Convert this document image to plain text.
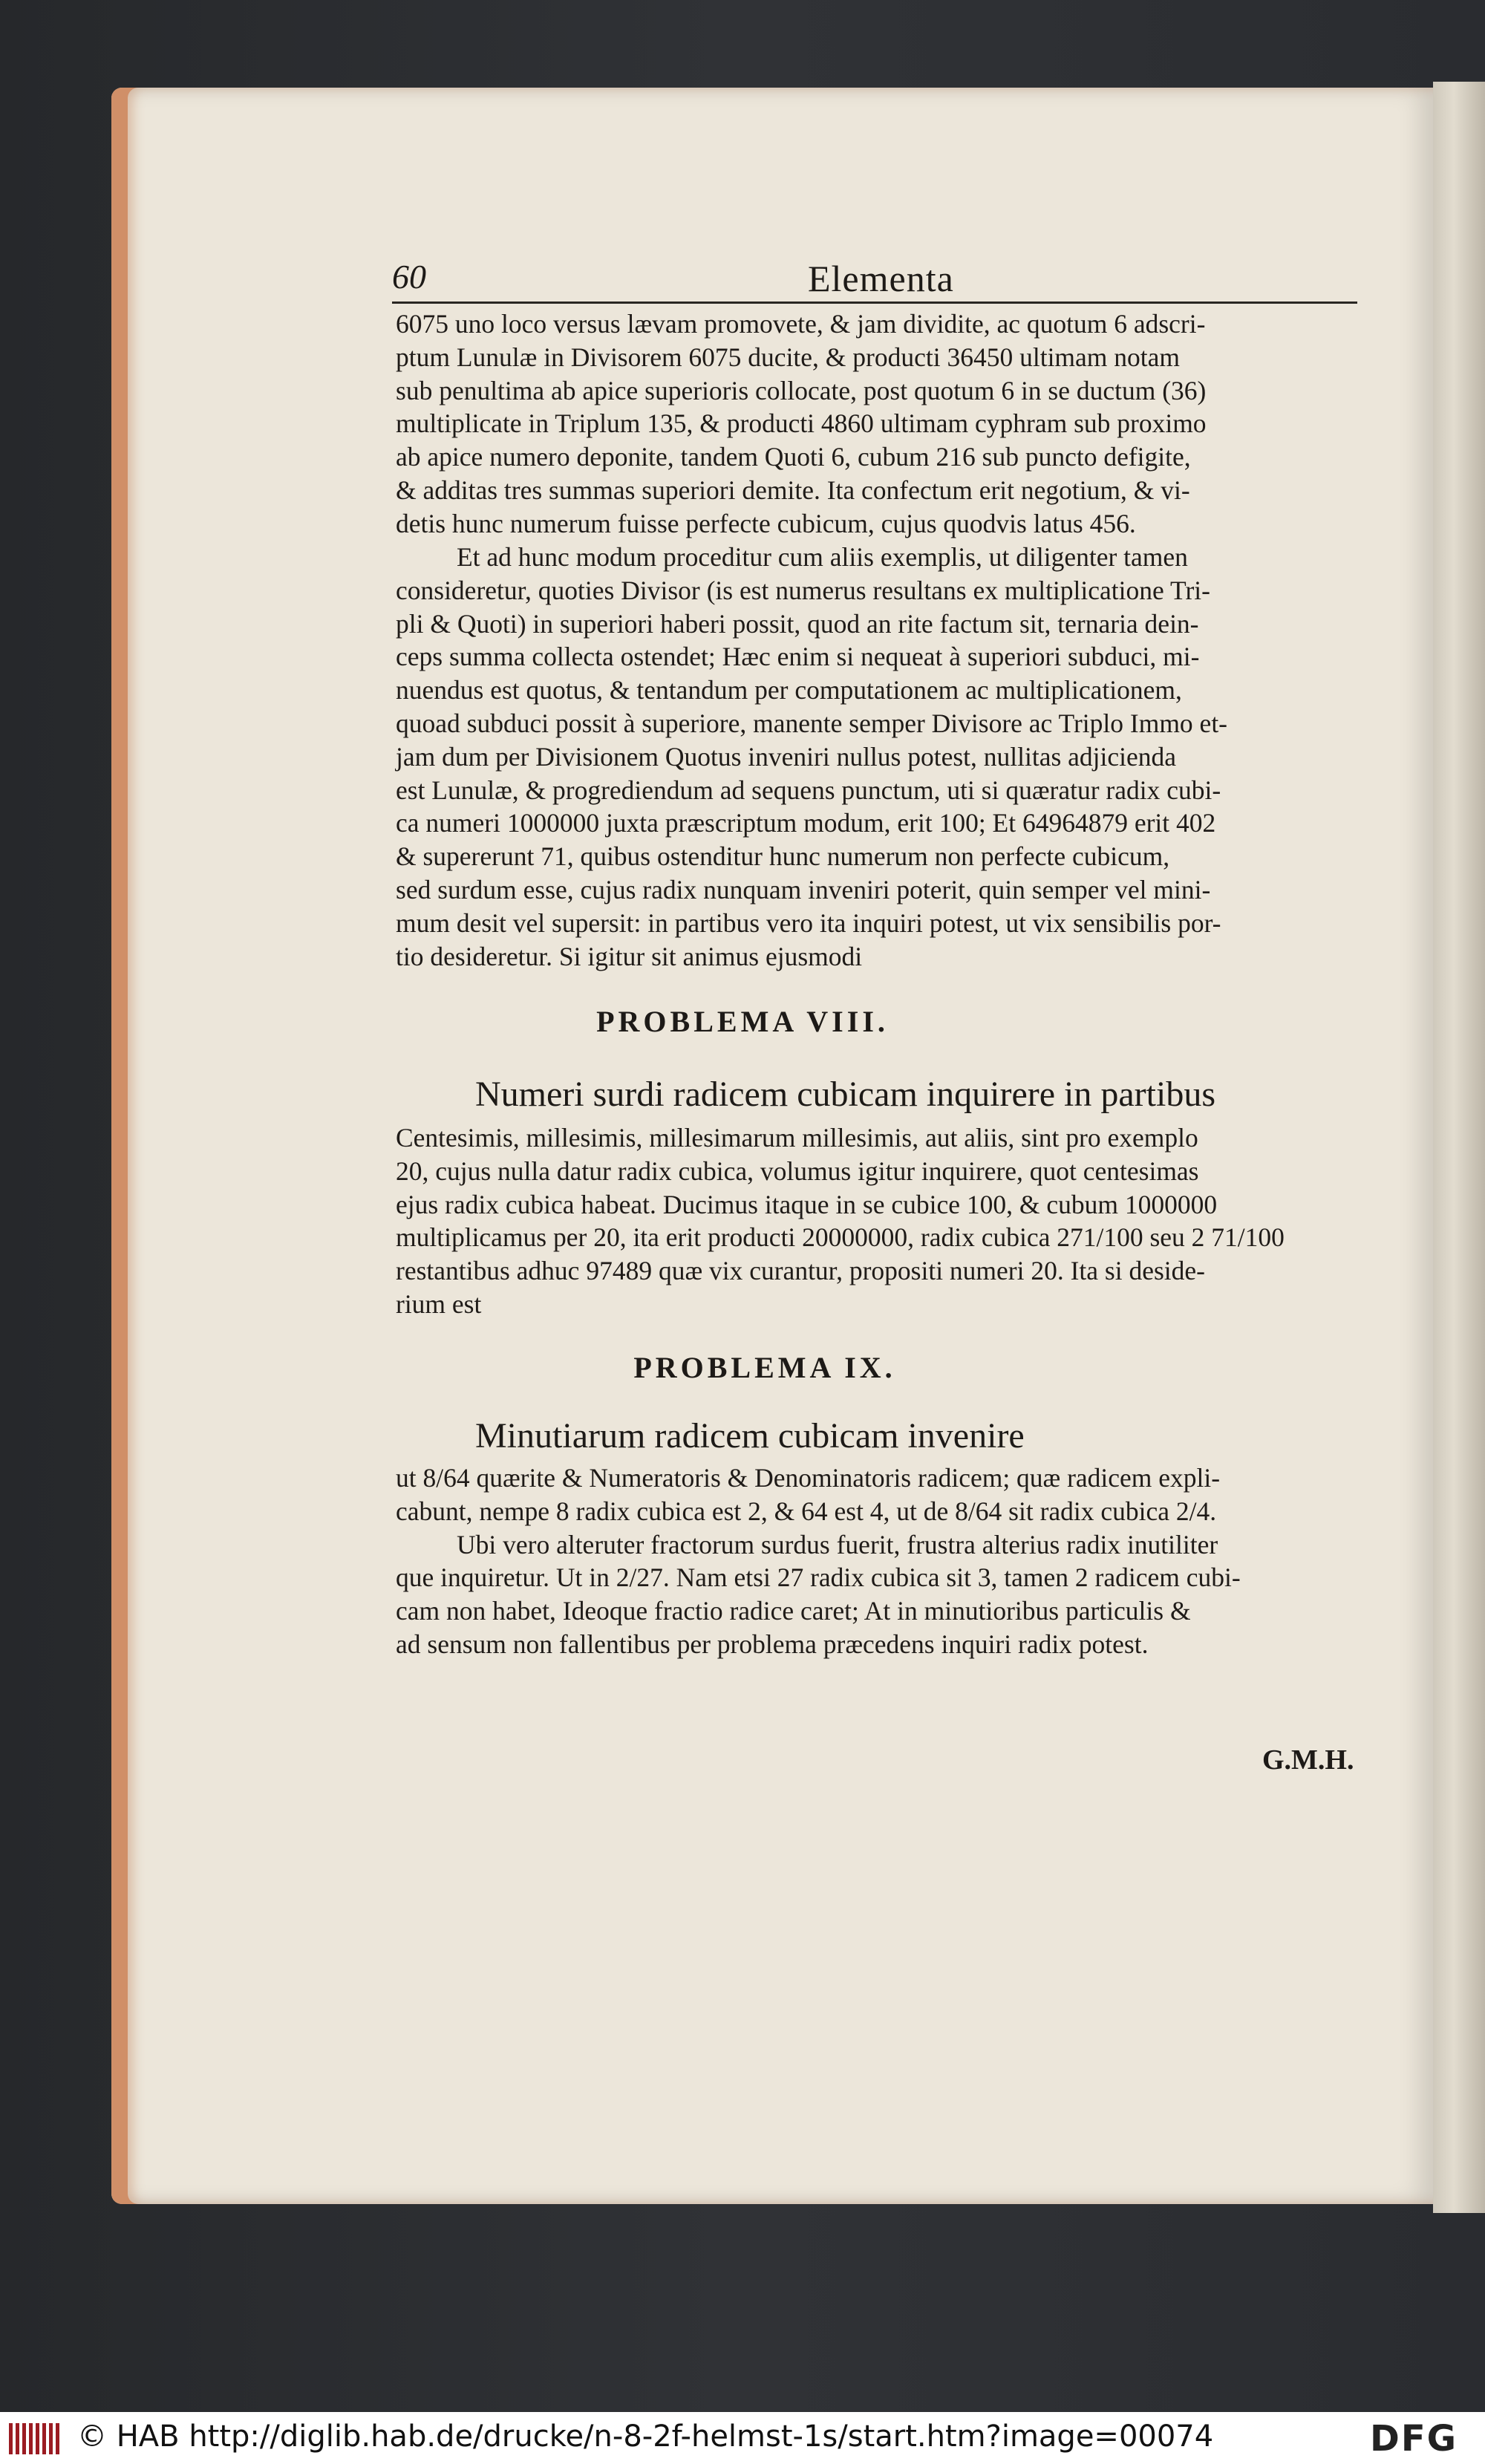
60	Elementa
6075 uno loco versus lævam promovete, & jam dividite, ac quotum 6 adscri-
ptum Lunulæ in Divisorem 6075 ducite, & producti 36450 ultimam notam
sub penultima ab apice superioris collocate, post quotum 6 in se ductum (36)
multiplicate in Triplum 135, & producti 4860 ultimam cyphram sub proximo
ab apice numero deponite, tandem Quoti 6, cubum 216 sub puncto defigite,
& additas tres summas superiori demite. Ita confectum erit negotium, & vi-
detis hunc numerum fuisse perfecte cubicum, cujus quodvis latus 456.
Et ad hunc modum proceditur cum aliis exemplis, ut diligenter tamen
consideretur, quoties Divisor (is est numerus resultans ex multiplicatione Tri-
pli & Quoti) in superiori haberi possit, quod an rite factum sit, ternaria dein-
ceps summa collecta ostendet; Hæc enim si nequeat à superiori subduci, mi-
nuendus est quotus, & tentandum per computationem ac multiplicationem,
quoad subduci possit à superiore, manente semper Divisore ac Triplo Immo et-
jam dum per Divisionem Quotus inveniri nullus potest, nullitas adjicienda
est Lunulæ, & progrediendum ad sequens punctum, uti si quæratur radix cubi-
ca numeri 1000000 juxta præscriptum modum, erit 100; Et 64964879 erit 402
& supererunt 71, quibus ostenditur hunc numerum non perfecte cubicum,
sed surdum esse, cujus radix nunquam inveniri poterit, quin semper vel mini-
mum desit vel supersit: in partibus vero ita inquiri potest, ut vix sensibilis por-
tio desideretur. Si igitur sit animus ejusmodi
PROBLEMA VIII.
Numeri surdi radicem cubicam inquirere in partibus
Centesimis, millesimis, millesimarum millesimis, aut aliis, sint pro exemplo
20, cujus nulla datur radix cubica, volumus igitur inquirere, quot centesimas
ejus radix cubica habeat. Ducimus itaque in se cubice 100, & cubum 1000000
multiplicamus per 20, ita erit producti 20000000, radix cubica 271/100 seu 2 71/100
restantibus adhuc 97489 quæ vix curantur, propositi numeri 20. Ita si deside-
rium est
PROBLEMA IX.
Minutiarum radicem cubicam invenire
ut 8/64 quærite & Numeratoris & Denominatoris radicem; quæ radicem expli-
cabunt, nempe 8 radix cubica est 2, & 64 est 4, ut de 8/64 sit radix cubica 2/4.
Ubi vero alteruter fractorum surdus fuerit, frustra alterius radix inutiliter
que inquiretur. Ut in 2/27. Nam etsi 27 radix cubica sit 3, tamen 2 radicem cubi-
cam non habet, Ideoque fractio radice caret; At in minutioribus particulis &
ad sensum non fallentibus per problema præcedens inquiri radix potest.
G.M.H.
© HAB http://diglib.hab.de/drucke/n-8-2f-helmst-1s/start.htm?image=00074	DFG
